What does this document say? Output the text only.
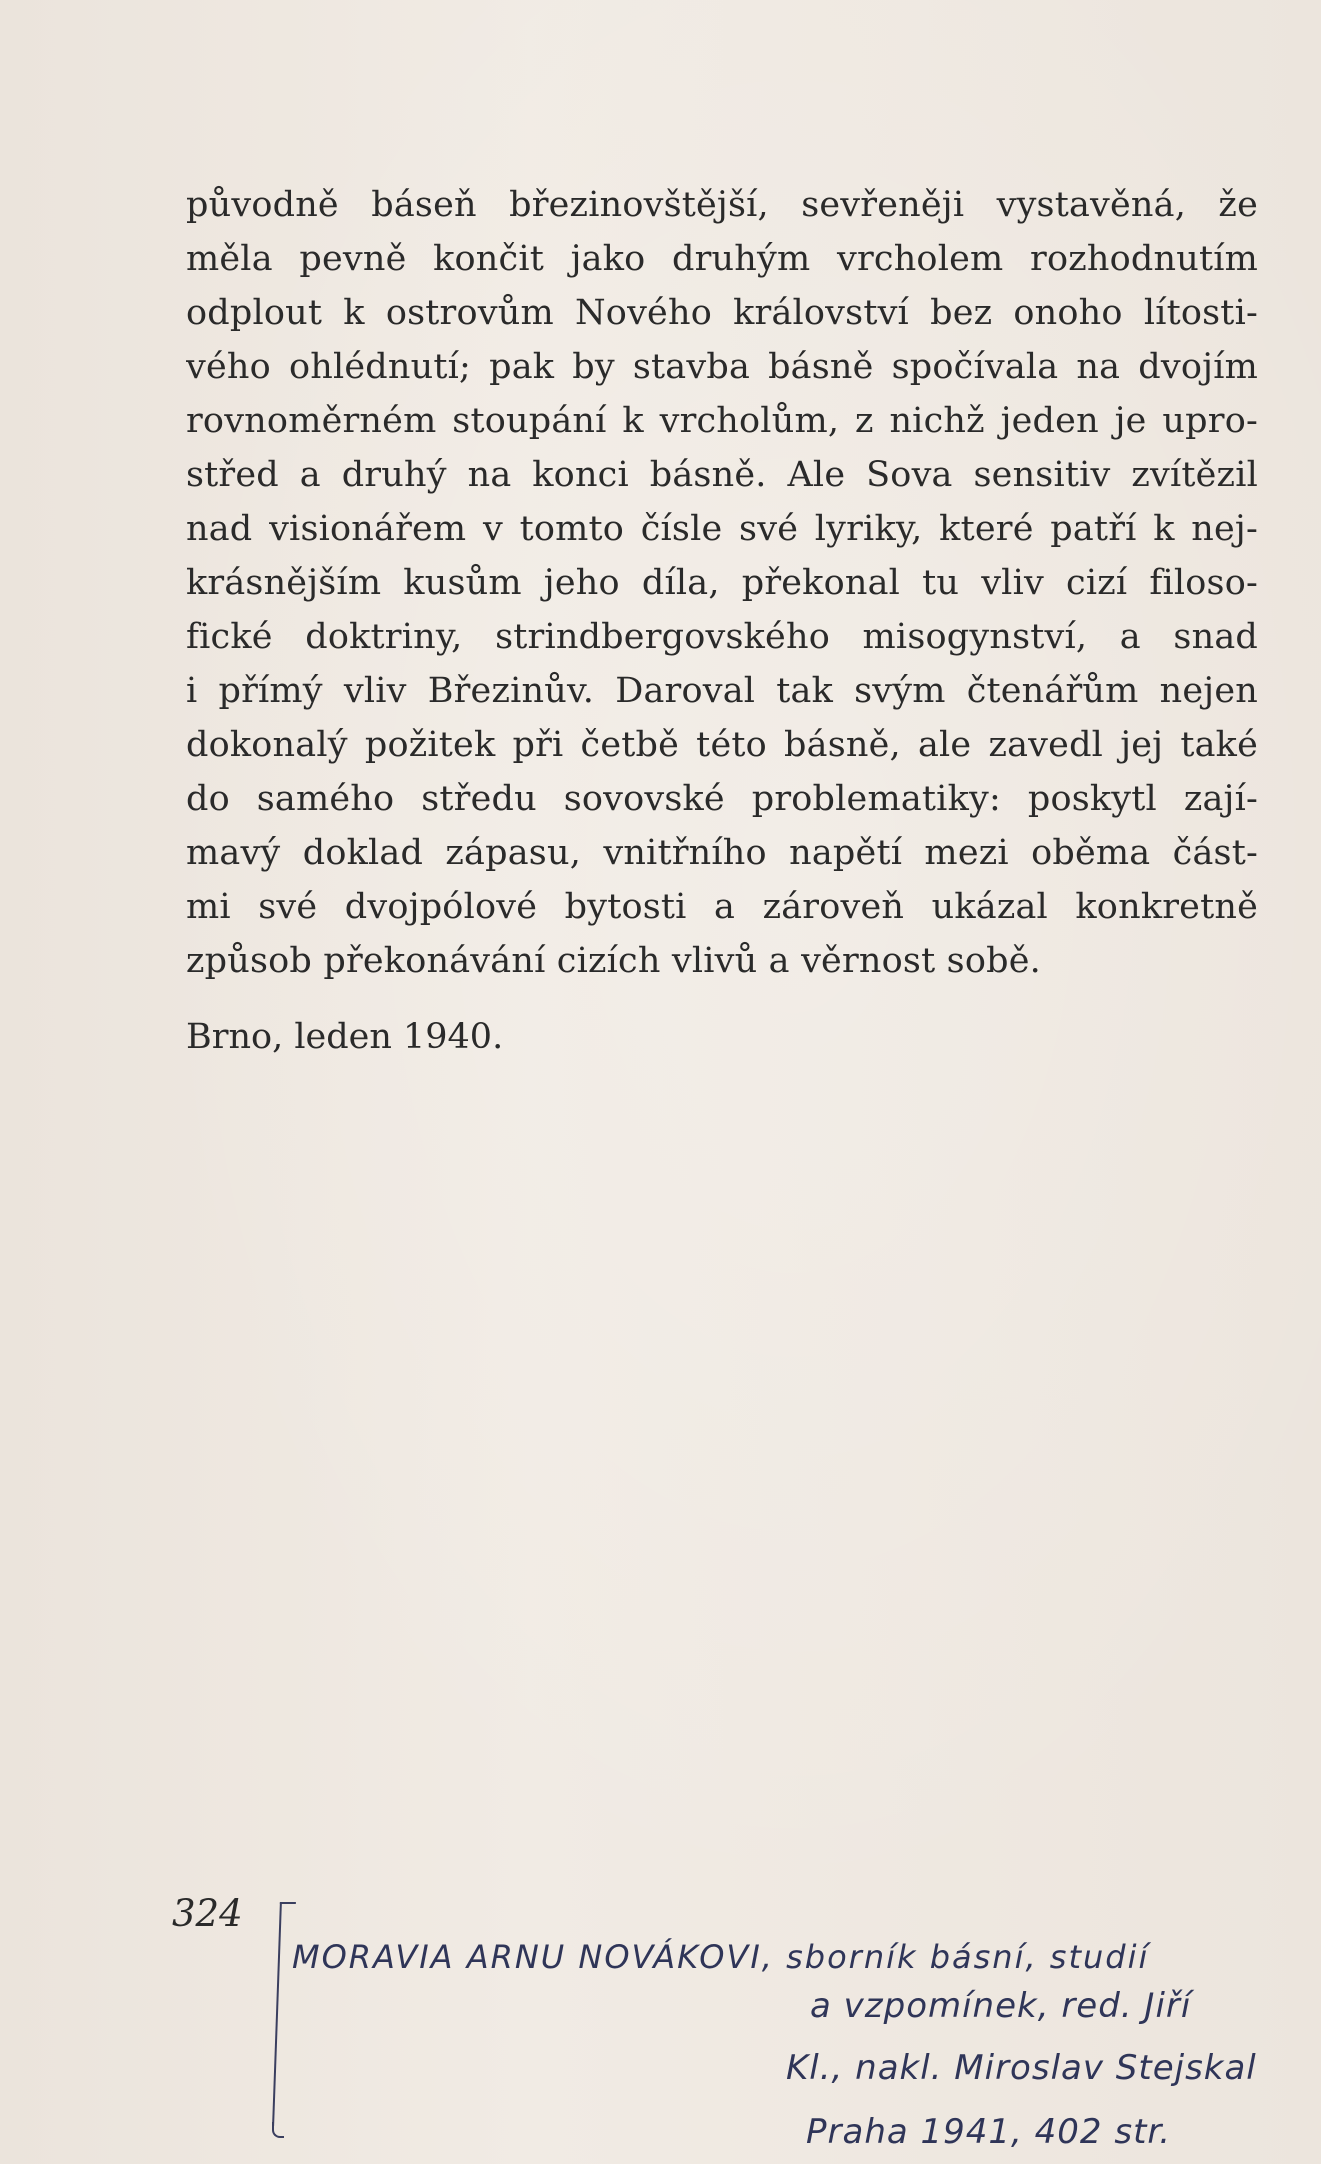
původně báseň březinovštější, sevřeněji vystavěná, že
měla pevně končit jako druhým vrcholem rozhodnutím
odplout k ostrovům Nového království bez onoho lítosti-
vého ohlédnutí; pak by stavba básně spočívala na dvojím
rovnoměrném stoupání k vrcholům, z nichž jeden je upro-
střed a druhý na konci básně. Ale Sova sensitiv zvítězil
nad visionářem v tomto čísle své lyriky, které patří k nej-
krásnějším kusům jeho díla, překonal tu vliv cizí filoso-
fické doktriny, strindbergovského misogynství, a snad
i přímý vliv Březinův. Daroval tak svým čtenářům nejen
dokonalý požitek při četbě této básně, ale zavedl jej také
do samého středu sovovské problematiky: poskytl zají-
mavý doklad zápasu, vnitřního napětí mezi oběma část-
mi své dvojpólové bytosti a zároveň ukázal konkretně
způsob překonávání cizích vlivů a věrnost sobě.
Brno, leden 1940.
324
MORAVIA ARNU NOVÁKOVI, sborník básní, studií
a vzpomínek, red. Jiří
Kl., nakl. Miroslav Stejskal
Praha 1941, 402 str.
